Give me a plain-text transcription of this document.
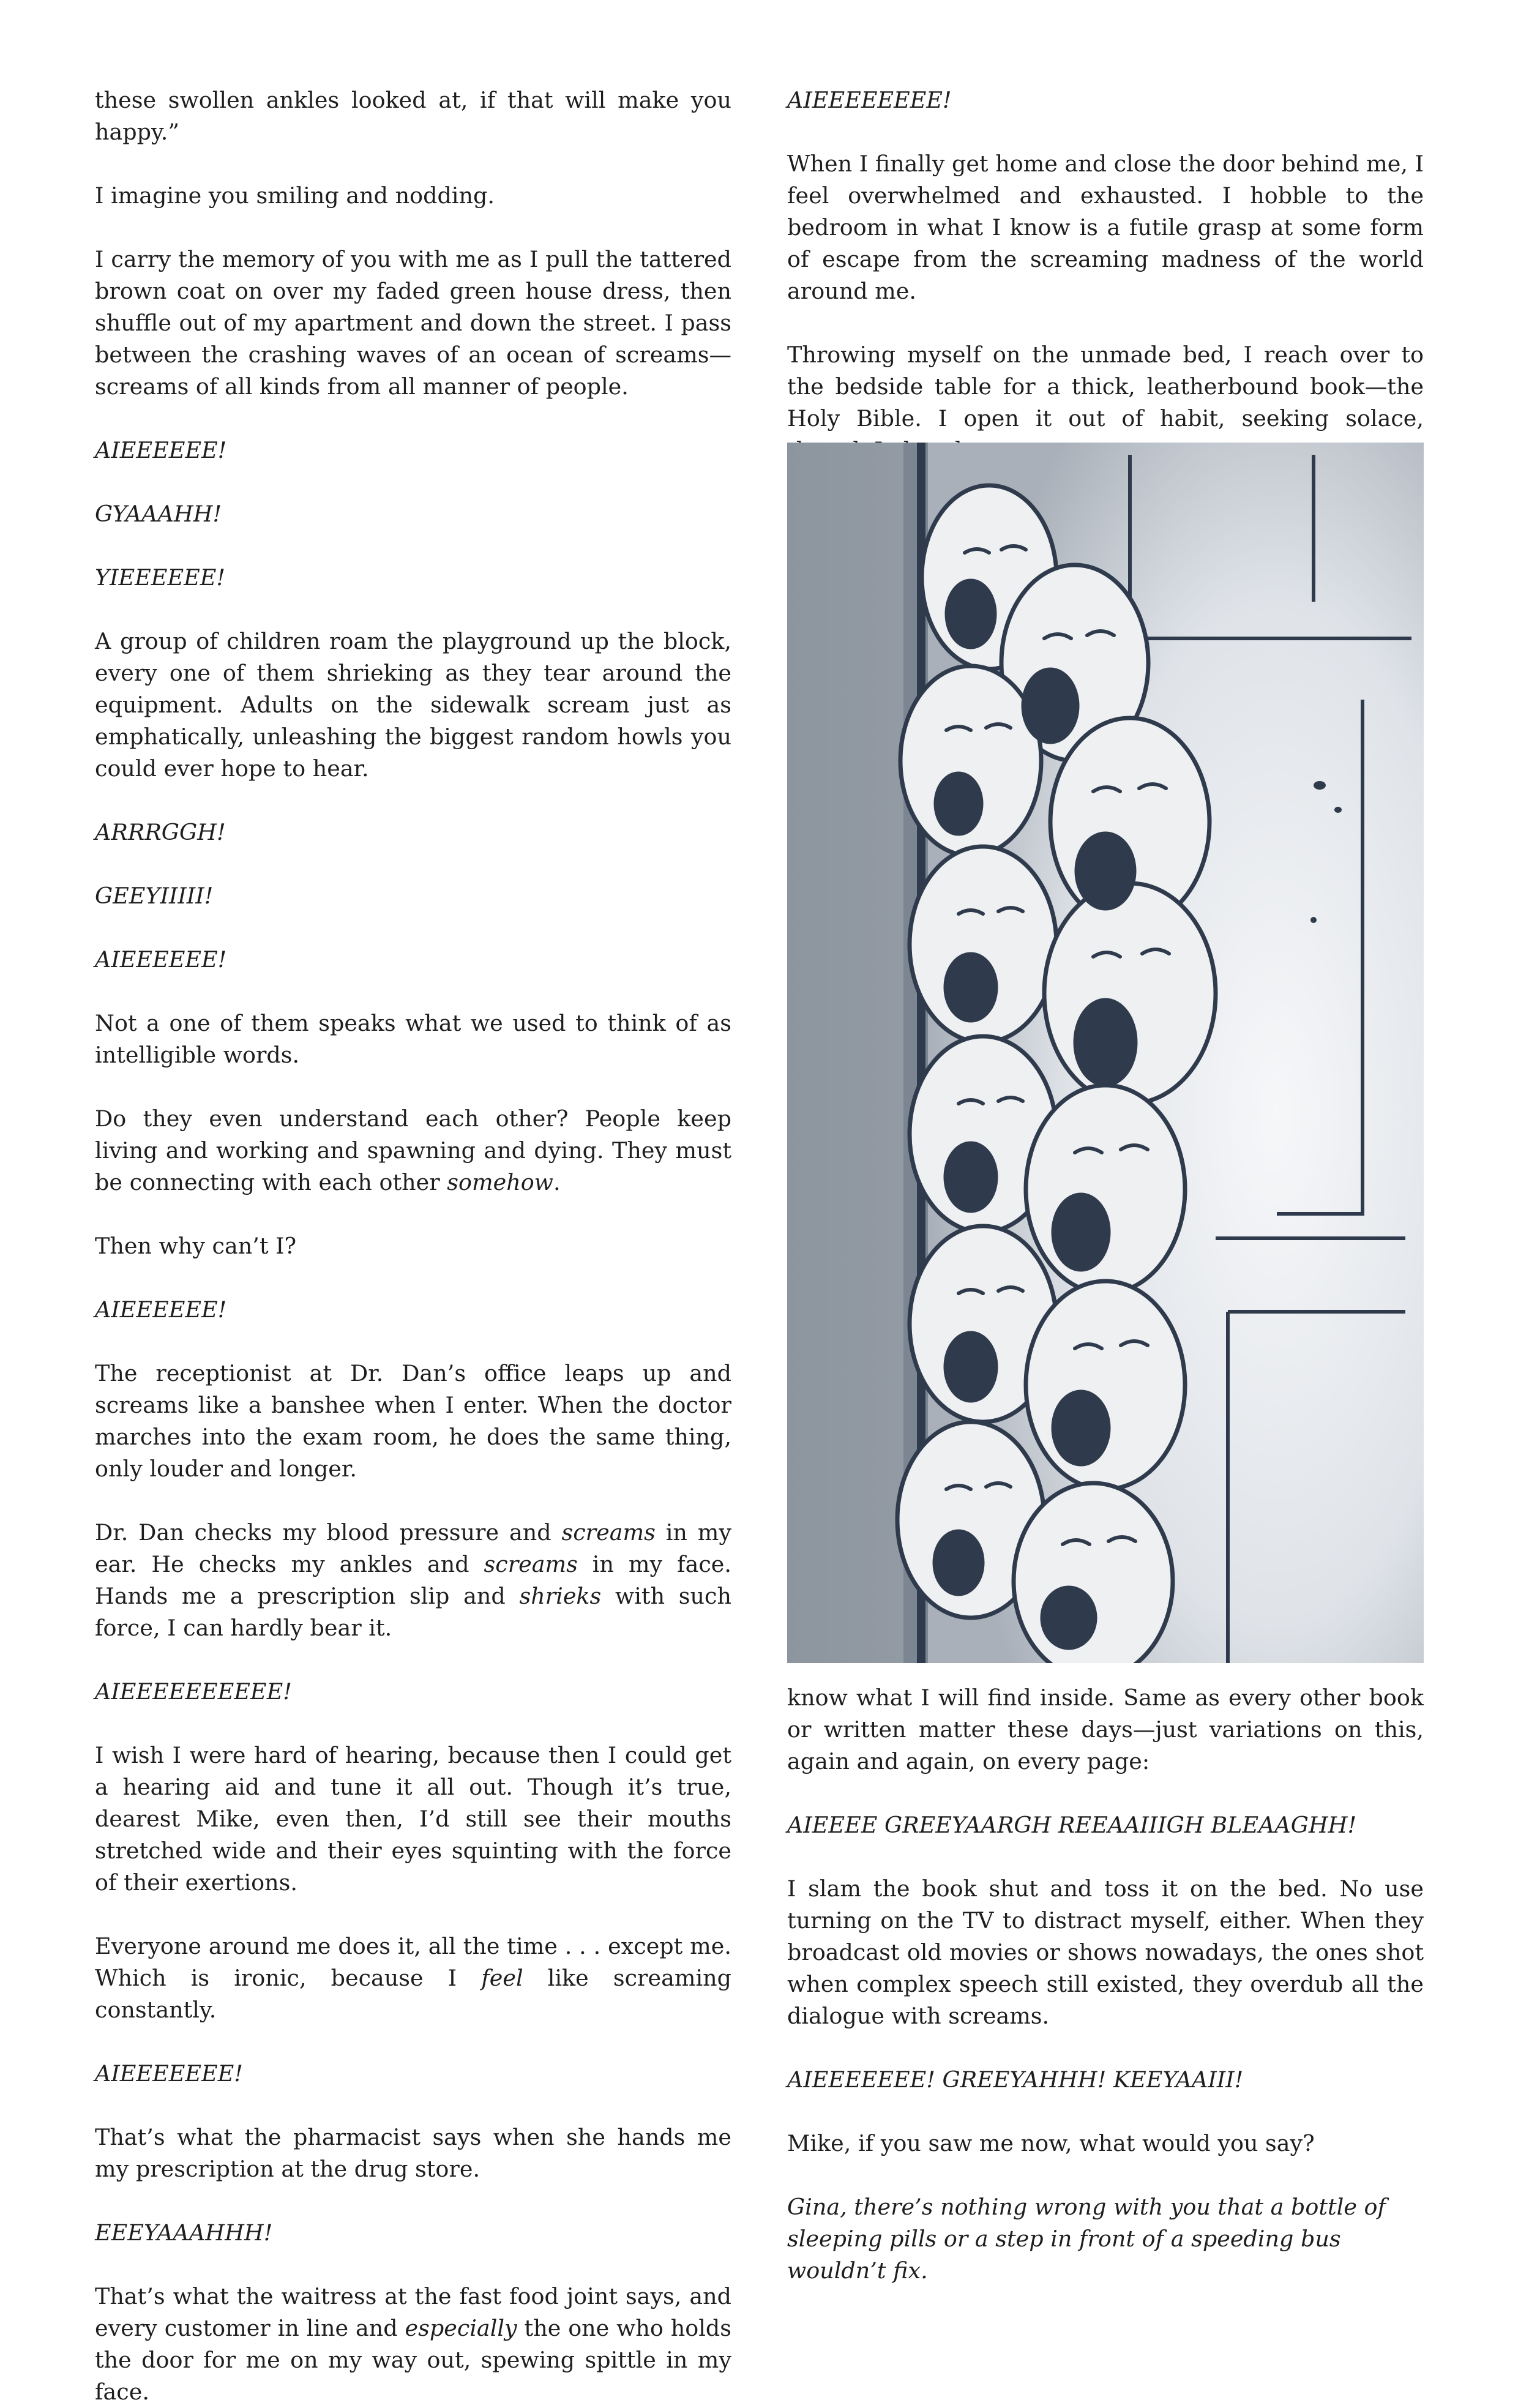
these swollen ankles looked at, if that will make you happy.”

I imagine you smiling and nodding.

I carry the memory of you with me as I pull the tattered brown coat on over my faded green house dress, then shuffle out of my apartment and down the street. I pass between the crashing waves of an ocean of screams—screams of all kinds from all manner of people.

AIEEEEEE!

GYAAAHH!

YIEEEEEE!

A group of children roam the playground up the block, every one of them shrieking as they tear around the equipment. Adults on the sidewalk scream just as emphatically, unleashing the biggest random howls you could ever hope to hear.

ARRRGGH!

GEEYIIIII!

AIEEEEEE!

Not a one of them speaks what we used to think of as intelligible words.

Do they even understand each other? People keep living and working and spawning and dying. They must be connecting with each other somehow.

Then why can’t I?

AIEEEEEE!

The receptionist at Dr. Dan’s office leaps up and screams like a banshee when I enter. When the doctor marches into the exam room, he does the same thing, only louder and longer.

Dr. Dan checks my blood pressure and screams in my ear. He checks my ankles and screams in my face. Hands me a prescription slip and shrieks with such force, I can hardly bear it.

AIEEEEEEEEEE!

I wish I were hard of hearing, because then I could get a hearing aid and tune it all out. Though it’s true, dearest Mike, even then, I’d still see their mouths stretched wide and their eyes squinting with the force of their exertions.

Everyone around me does it, all the time . . . except me. Which is ironic, because I feel like screaming constantly.

AIEEEEEEE!

That’s what the pharmacist says when she hands me my prescription at the drug store.

EEEYAAAHHH!

That’s what the waitress at the fast food joint says, and every customer in line and especially the one who holds the door for me on my way out, spewing spittle in my face.

AIEEEEEEEE!

When I finally get home and close the door behind me, I feel overwhelmed and exhausted. I hobble to the bedroom in what I know is a futile grasp at some form of escape from the screaming madness of the world around me.

Throwing myself on the unmade bed, I reach over to the bedside table for a thick, leatherbound book—the Holy Bible. I open it out of habit, seeking solace,

know what I will find inside. Same as every other book or written matter these days—just variations on this, again and again, on every page:

AIEEEE GREEYAARGH REEAAIIIGH BLEAAGHH!

I slam the book shut and toss it on the bed. No use turning on the TV to distract myself, either. When they broadcast old movies or shows nowadays, the ones shot when complex speech still existed, they overdub all the dialogue with screams.

AIEEEEEEE! GREEYAHHH! KEEYAAIII!

Mike, if you saw me now, what would you say?

Gina, there’s nothing wrong with you that a bottle of sleeping pills or a step in front of a speeding bus wouldn’t fix.
